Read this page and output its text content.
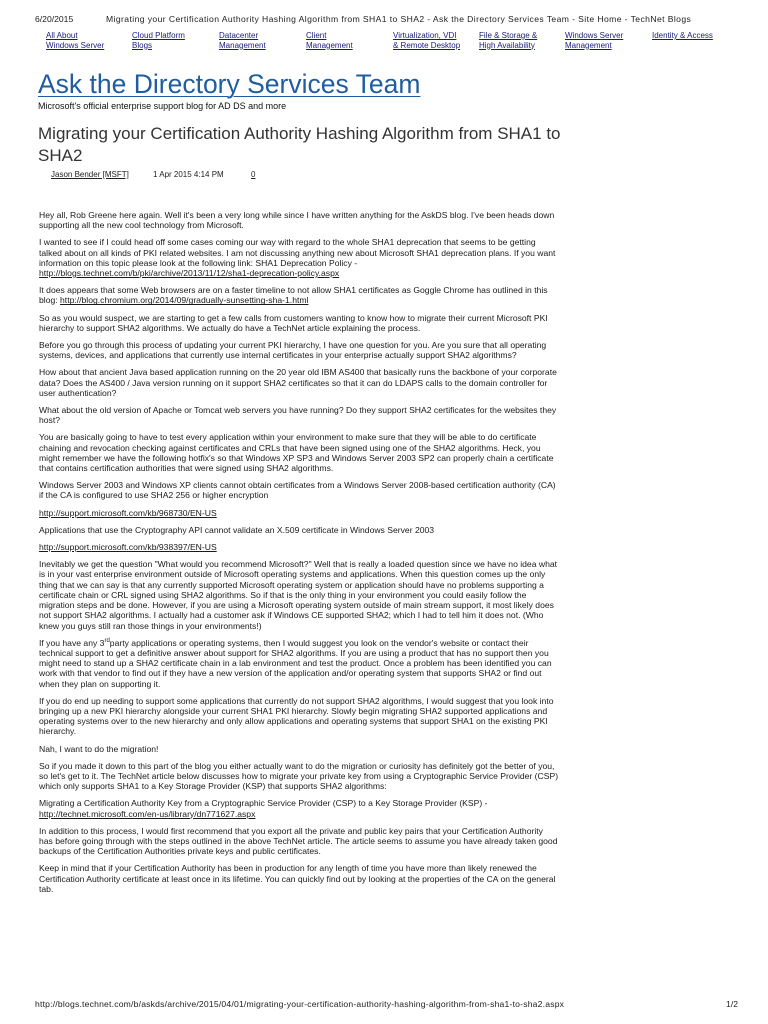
6/20/2015	Migrating your Certification Authority Hashing Algorithm from SHA1 to SHA2 - Ask the Directory Services Team - Site Home - TechNet Blogs
All About Windows Server
Cloud Platform Blogs
Datacenter Management
Client Management
Virtualization, VDI & Remote Desktop
File & Storage & High Availability
Windows Server Management
Identity & Access
Ask the Directory Services Team
Microsoft's official enterprise support blog for AD DS and more
Migrating your Certification Authority Hashing Algorithm from SHA1 to SHA2
Jason Bender [MSFT]	1 Apr 2015 4:14 PM	0

Hey all, Rob Greene here again. Well it's been a very long while since I have written anything for the AskDS blog. I've been heads down supporting all the new cool technology from Microsoft.

I wanted to see if I could head off some cases coming our way with regard to the whole SHA1 deprecation that seems to be getting talked about on all kinds of PKI related websites. I am not discussing anything new about Microsoft SHA1 deprecation plans. If you want information on this topic please look at the following link: SHA1 Deprecation Policy - http://blogs.technet.com/b/pki/archive/2013/11/12/sha1-deprecation-policy.aspx

It does appears that some Web browsers are on a faster timeline to not allow SHA1 certificates as Goggle Chrome has outlined in this blog: http://blog.chromium.org/2014/09/gradually-sunsetting-sha-1.html

So as you would suspect, we are starting to get a few calls from customers wanting to know how to migrate their current Microsoft PKI hierarchy to support SHA2 algorithms. We actually do have a TechNet article explaining the process.

Before you go through this process of updating your current PKI hierarchy, I have one question for you. Are you sure that all operating systems, devices, and applications that currently use internal certificates in your enterprise actually support SHA2 algorithms?

How about that ancient Java based application running on the 20 year old IBM AS400 that basically runs the backbone of your corporate data? Does the AS400 / Java version running on it support SHA2 certificates so that it can do LDAPS calls to the domain controller for user authentication?

What about the old version of Apache or Tomcat web servers you have running? Do they support SHA2 certificates for the websites they host?

You are basically going to have to test every application within your environment to make sure that they will be able to do certificate chaining and revocation checking against certificates and CRLs that have been signed using one of the SHA2 algorithms. Heck, you might remember we have the following hotfix's so that Windows XP SP3 and Windows Server 2003 SP2 can properly chain a certificate that contains certification authorities that were signed using SHA2 algorithms.

Windows Server 2003 and Windows XP clients cannot obtain certificates from a Windows Server 2008-based certification authority (CA) if the CA is configured to use SHA2 256 or higher encryption

http://support.microsoft.com/kb/968730/EN-US

Applications that use the Cryptography API cannot validate an X.509 certificate in Windows Server 2003

http://support.microsoft.com/kb/938397/EN-US

Inevitably we get the question "What would you recommend Microsoft?" Well that is really a loaded question since we have no idea what is in your vast enterprise environment outside of Microsoft operating systems and applications. When this question comes up the only thing that we can say is that any currently supported Microsoft operating system or application should have no problems supporting a certificate chain or CRL signed using SHA2 algorithms. So if that is the only thing in your environment you could easily follow the migration steps and be done. However, if you are using a Microsoft operating system outside of main stream support, it most likely does not support SHA2 algorithms. I actually had a customer ask if Windows CE supported SHA2; which I had to tell him it does not. (Who knew you guys still ran those things in your environments!)

If you have any 3rdparty applications or operating systems, then I would suggest you look on the vendor's website or contact their technical support to get a definitive answer about support for SHA2 algorithms. If you are using a product that has no support then you might need to stand up a SHA2 certificate chain in a lab environment and test the product. Once a problem has been identified you can work with that vendor to find out if they have a new version of the application and/or operating system that supports SHA2 or find out when they plan on supporting it.

If you do end up needing to support some applications that currently do not support SHA2 algorithms, I would suggest that you look into bringing up a new PKI hierarchy alongside your current SHA1 PKI hierarchy. Slowly begin migrating SHA2 supported applications and operating systems over to the new hierarchy and only allow applications and operating systems that support SHA1 on the existing PKI hierarchy.

Nah, I want to do the migration!

So if you made it down to this part of the blog you either actually want to do the migration or curiosity has definitely got the better of you, so let's get to it. The TechNet article below discusses how to migrate your private key from using a Cryptographic Service Provider (CSP) which only supports SHA1 to a Key Storage Provider (KSP) that supports SHA2 algorithms:

Migrating a Certification Authority Key from a Cryptographic Service Provider (CSP) to a Key Storage Provider (KSP) - http://technet.microsoft.com/en-us/library/dn771627.aspx

In addition to this process, I would first recommend that you export all the private and public key pairs that your Certification Authority has before going through with the steps outlined in the above TechNet article. The article seems to assume you have already taken good backups of the Certification Authorities private keys and public certificates.

Keep in mind that if your Certification Authority has been in production for any length of time you have more than likely renewed the Certification Authority certificate at least once in its lifetime. You can quickly find out by looking at the properties of the CA on the general tab.

http://blogs.technet.com/b/askds/archive/2015/04/01/migrating-your-certification-authority-hashing-algorithm-from-sha1-to-sha2.aspx	1/2
